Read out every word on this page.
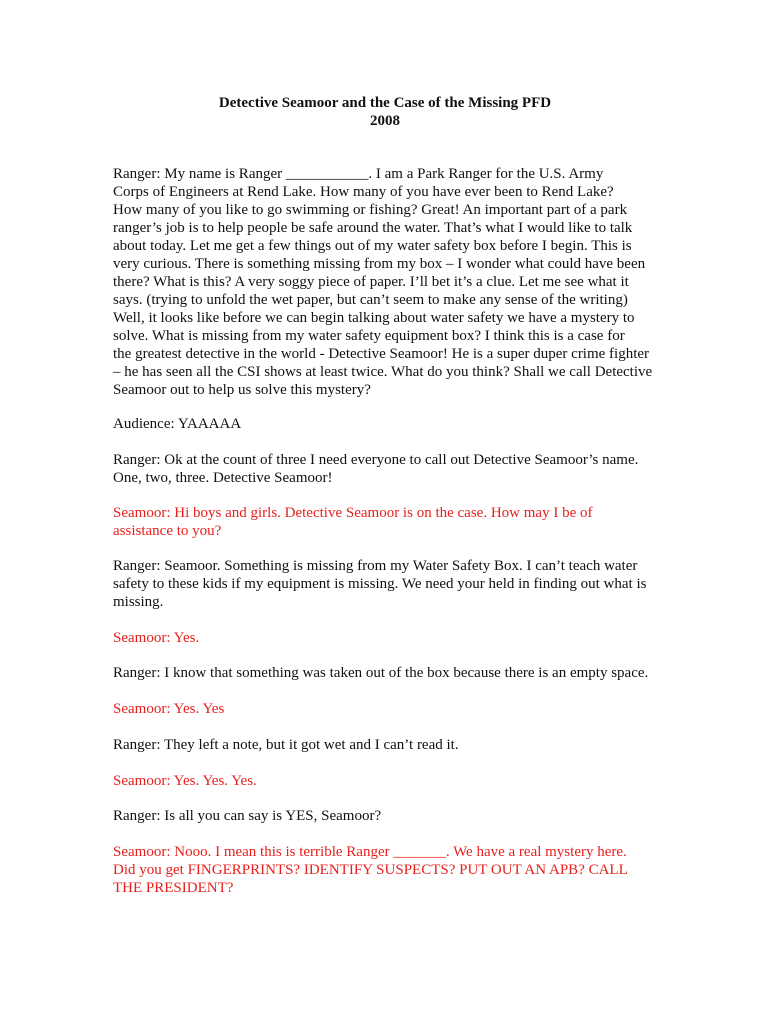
Detective Seamoor and the Case of the Missing PFD
2008
Ranger: My name is Ranger ___________. I am a Park Ranger for the U.S. Army
Corps of Engineers at Rend Lake. How many of you have ever been to Rend Lake?
How many of you like to go swimming or fishing? Great! An important part of a park
ranger’s job is to help people be safe around the water. That’s what I would like to talk
about today. Let me get a few things out of my water safety box before I begin. This is
very curious. There is something missing from my box – I wonder what could have been
there? What is this? A very soggy piece of paper. I’ll bet it’s a clue. Let me see what it
says. (trying to unfold the wet paper, but can’t seem to make any sense of the writing)
Well, it looks like before we can begin talking about water safety we have a mystery to
solve. What is missing from my water safety equipment box? I think this is a case for
the greatest detective in the world - Detective Seamoor! He is a super duper crime fighter
– he has seen all the CSI shows at least twice. What do you think? Shall we call Detective
Seamoor out to help us solve this mystery?
Audience: YAAAAA
Ranger: Ok at the count of three I need everyone to call out Detective Seamoor’s name.
One, two, three. Detective Seamoor!
Seamoor: Hi boys and girls. Detective Seamoor is on the case. How may I be of
assistance to you?
Ranger: Seamoor. Something is missing from my Water Safety Box. I can’t teach water
safety to these kids if my equipment is missing. We need your held in finding out what is
missing.
Seamoor: Yes.
Ranger: I know that something was taken out of the box because there is an empty space.
Seamoor: Yes. Yes
Ranger: They left a note, but it got wet and I can’t read it.
Seamoor: Yes. Yes. Yes.
Ranger: Is all you can say is YES, Seamoor?
Seamoor: Nooo. I mean this is terrible Ranger _______. We have a real mystery here.
Did you get FINGERPRINTS? IDENTIFY SUSPECTS? PUT OUT AN APB? CALL
THE PRESIDENT?
